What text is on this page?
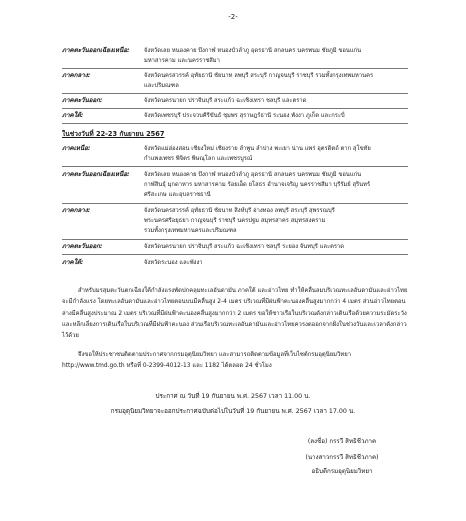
-2-
ภาคตะวันออกเฉียงเหนือ:	จังหวัดเลย หนองคาย บึงกาฬ หนองบัวลำภู อุดรธานี สกลนคร นครพนม ชัยภูมิ ขอนแก่น
มหาสารคาม และนครราชสีมา
ภาคกลาง:	จังหวัดนครสวรรค์ อุทัยธานี ชัยนาท ลพบุรี สระบุรี กาญจนบุรี ราชบุรี รวมทั้งกรุงเทพมหานคร
และปริมณฑล
ภาคตะวันออก:	จังหวัดนครนายก ปราจีนบุรี สระแก้ว ฉะเชิงเทรา ชลบุรี และตราด
ภาคใต้:	จังหวัดเพชรบุรี ประจวบคีรีขันธ์ ชุมพร สุราษฎร์ธานี ระนอง พังงา ภูเก็ต และกระบี่
ในช่วงวันที่ 22-23 กันยายน 2567
ภาคเหนือ:	จังหวัดแม่ฮ่องสอน เชียงใหม่ เชียงราย ลำพูน ลำปาง พะเยา น่าน แพร่ อุตรดิตถ์ ตาก สุโขทัย
กำแพงเพชร พิจิตร พิษณุโลก และเพชรบูรณ์
ภาคตะวันออกเฉียงเหนือ:	จังหวัดเลย หนองคาย บึงกาฬ หนองบัวลำภู อุดรธานี สกลนคร นครพนม ชัยภูมิ ขอนแก่น
กาฬสินธุ์ มุกดาหาร มหาสารคาม ร้อยเอ็ด ยโสธร อำนาจเจริญ นครราชสีมา บุรีรัมย์ สุรินทร์
ศรีสะเกษ และอุบลราชธานี
ภาคกลาง:	จังหวัดนครสวรรค์ อุทัยธานี ชัยนาท สิงห์บุรี อ่างทอง ลพบุรี สระบุรี สุพรรณบุรี
พระนครศรีอยุธยา กาญจนบุรี ราชบุรี นครปฐม สมุทรสาคร สมุทรสงคราม
รวมทั้งกรุงเทพมหานครและปริมณฑล
ภาคตะวันออก:	จังหวัดนครนายก ปราจีนบุรี สระแก้ว ฉะเชิงเทรา ชลบุรี ระยอง จันทบุรี และตราด
ภาคใต้:	จังหวัดระนอง และพังงา
สำหรับมรสุมตะวันตกเฉียงใต้กำลังแรงพัดปกคลุมทะเลอันดามัน ภาคใต้ และอ่าวไทย ทำให้คลื่นลมบริเวณทะเลอันดามันและอ่าวไทยจะมีกำลังแรง โดยทะเลอันดามันและอ่าวไทยตอนบนมีคลื่นสูง 2-4 เมตร บริเวณที่มีฝนฟ้าคะนองคลื่นสูงมากกว่า 4 เมตร ส่วนอ่าวไทยตอนล่างมีคลื่นสูงประมาณ 2 เมตร บริเวณที่มีฝนฟ้าคะนองคลื่นสูงมากกว่า 2 เมตร ขอให้ชาวเรือในบริเวณดังกล่าวเดินเรือด้วยความระมัดระวังและหลีกเลี่ยงการเดินเรือในบริเวณที่มีฝนฟ้าคะนอง ส่วนเรือบริเวณทะเลอันดามันและอ่าวไทยควรงดออกจากฝั่งในช่วงวันและเวลาดังกล่าวไว้ด้วย
จึงขอให้ประชาชนติดตามประกาศจากกรมอุตุนิยมวิทยา และสามารถติดตามข้อมูลที่เว็บไซต์กรมอุตุนิยมวิทยา http://www.tmd.go.th หรือที่ 0-2399-4012-13 และ 1182 ได้ตลอด 24 ชั่วโมง
ประกาศ ณ วันที่ 19 กันยายน พ.ศ. 2567 เวลา 11.00 น.
กรมอุตุนิยมวิทยาจะออกประกาศฉบับต่อไปในวันที่ 19 กันยายน พ.ศ. 2567 เวลา 17.00 น.
(ลงชื่อ) กรรวี สิทธิชีวภาค
(นางสาวกรรวี สิทธิชีวภาค)
อธิบดีกรมอุตุนิยมวิทยา
